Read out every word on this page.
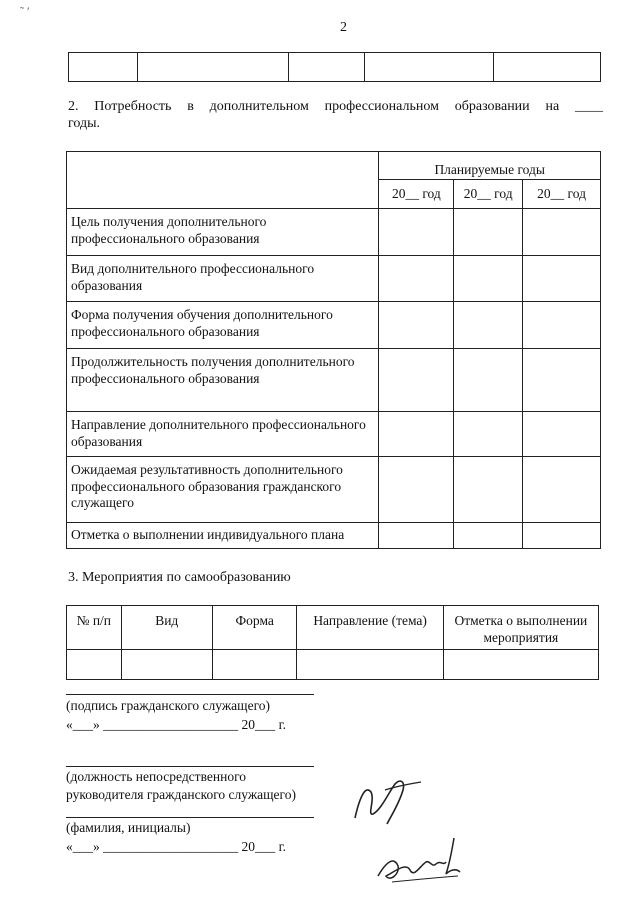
˜ ′
2

2. Потребность в дополнительном профессиональном образовании на ____
годы.
	Планируемые годы		
	20__ год	20__ год	20__ год
Цель получения дополнительного профессионального образования			
Вид дополнительного профессионального образования			
Форма получения обучения дополнительного профессионального образования			
Продолжительность получения дополнительного профессионального образования			
Направление дополнительного профессионального образования			
Ожидаемая результативность дополнительного профессионального образования гражданского служащего			
Отметка о выполнении индивидуального плана			
3. Мероприятия по самообразованию
№ п/п	Вид	Форма	Направление (тема)	Отметка о выполнении мероприятия

(подпись гражданского служащего)
«___» ____________________ 20___ г.
(должность непосредственного
руководителя гражданского служащего)
(фамилия, инициалы)
«___» ____________________ 20___ г.
